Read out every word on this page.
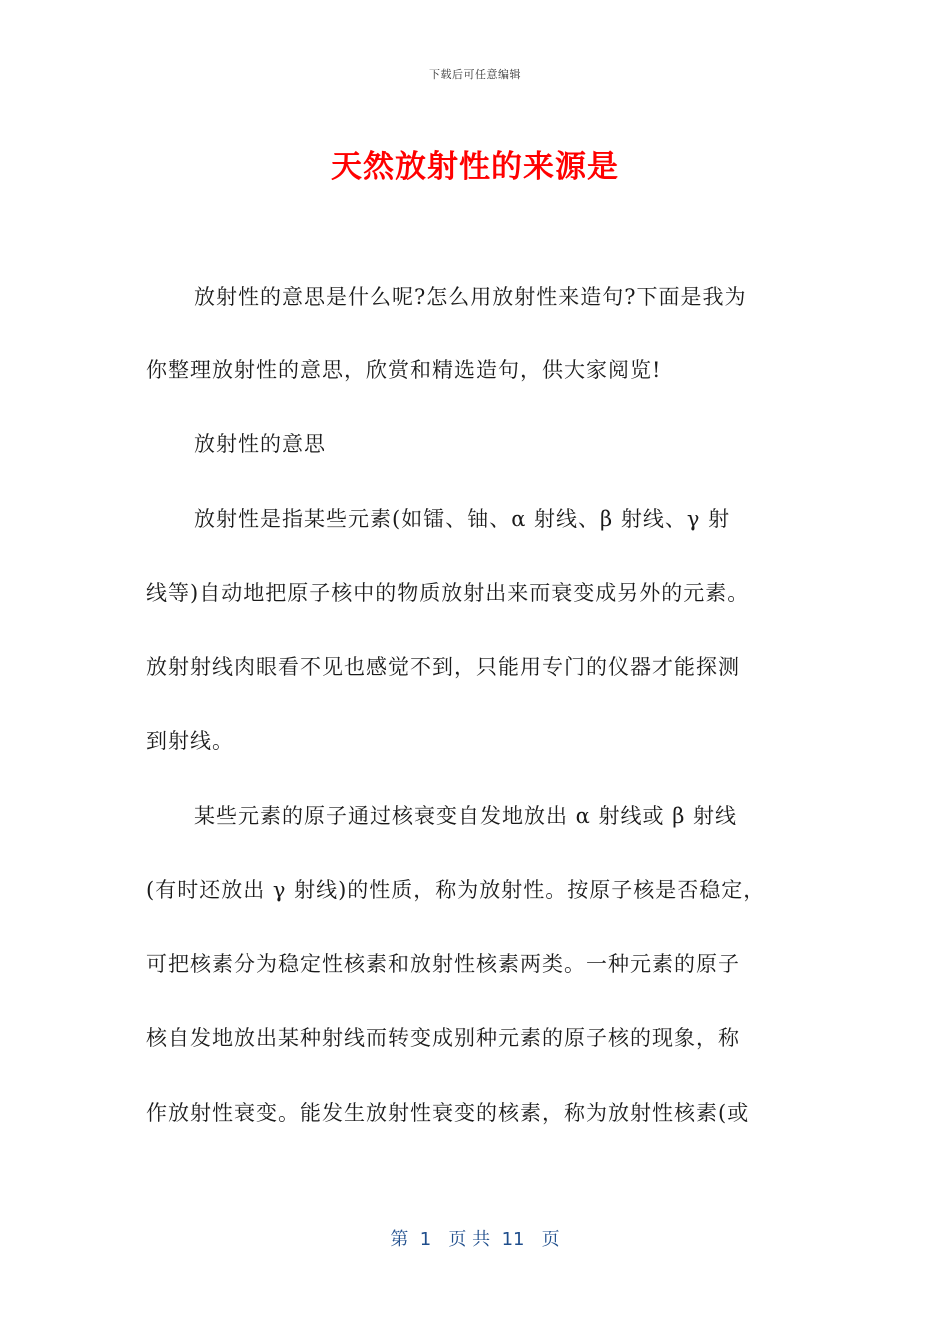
下载后可任意编辑
天然放射性的来源是
放射性的意思是什么呢?怎么用放射性来造句?下面是我为
你整理放射性的意思，欣赏和精选造句，供大家阅览!
放射性的意思
放射性是指某些元素(如镭、铀、α 射线、β 射线、γ 射
线等)自动地把原子核中的物质放射出来而衰变成另外的元素。
放射射线肉眼看不见也感觉不到，只能用专门的仪器才能探测
到射线。
某些元素的原子通过核衰变自发地放出 α 射线或 β 射线
(有时还放出 γ 射线)的性质，称为放射性。按原子核是否稳定，
可把核素分为稳定性核素和放射性核素两类。一种元素的原子
核自发地放出某种射线而转变成别种元素的原子核的现象，称
作放射性衰变。能发生放射性衰变的核素，称为放射性核素(或
第  1   页 共  11   页
